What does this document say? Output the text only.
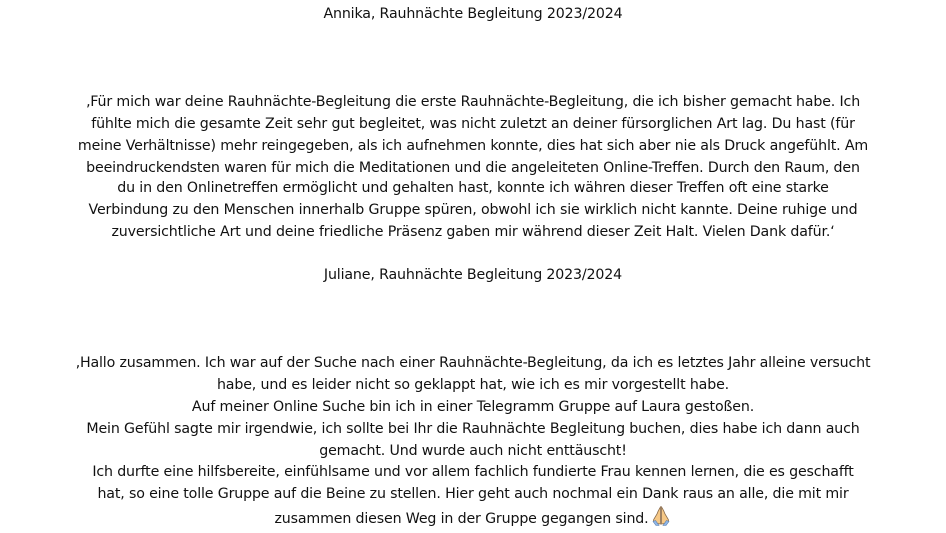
Annika, Rauhnächte Begleitung 2023/2024
‚Für mich war deine Rauhnächte-Begleitung die erste Rauhnächte-Begleitung, die ich bisher gemacht habe. Ich
fühlte mich die gesamte Zeit sehr gut begleitet, was nicht zuletzt an deiner fürsorglichen Art lag. Du hast (für
meine Verhältnisse) mehr reingegeben, als ich aufnehmen konnte, dies hat sich aber nie als Druck angefühlt. Am
beeindruckendsten waren für mich die Meditationen und die angeleiteten Online-Treffen. Durch den Raum, den
du in den Onlinetreffen ermöglicht und gehalten hast, konnte ich währen dieser Treffen oft eine starke
Verbindung zu den Menschen innerhalb Gruppe spüren, obwohl ich sie wirklich nicht kannte. Deine ruhige und
zuversichtliche Art und deine friedliche Präsenz gaben mir während dieser Zeit Halt. Vielen Dank dafür.‘
Juliane, Rauhnächte Begleitung 2023/2024
‚Hallo zusammen. Ich war auf der Suche nach einer Rauhnächte-Begleitung, da ich es letztes Jahr alleine versucht
habe, und es leider nicht so geklappt hat, wie ich es mir vorgestellt habe.
Auf meiner Online Suche bin ich in einer Telegramm Gruppe auf Laura gestoßen.
Mein Gefühl sagte mir irgendwie, ich sollte bei Ihr die Rauhnächte Begleitung buchen, dies habe ich dann auch
gemacht. Und wurde auch nicht enttäuscht!
Ich durfte eine hilfsbereite, einfühlsame und vor allem fachlich fundierte Frau kennen lernen, die es geschafft
hat, so eine tolle Gruppe auf die Beine zu stellen. Hier geht auch nochmal ein Dank raus an alle, die mit mir
zusammen diesen Weg in der Gruppe gegangen sind.
